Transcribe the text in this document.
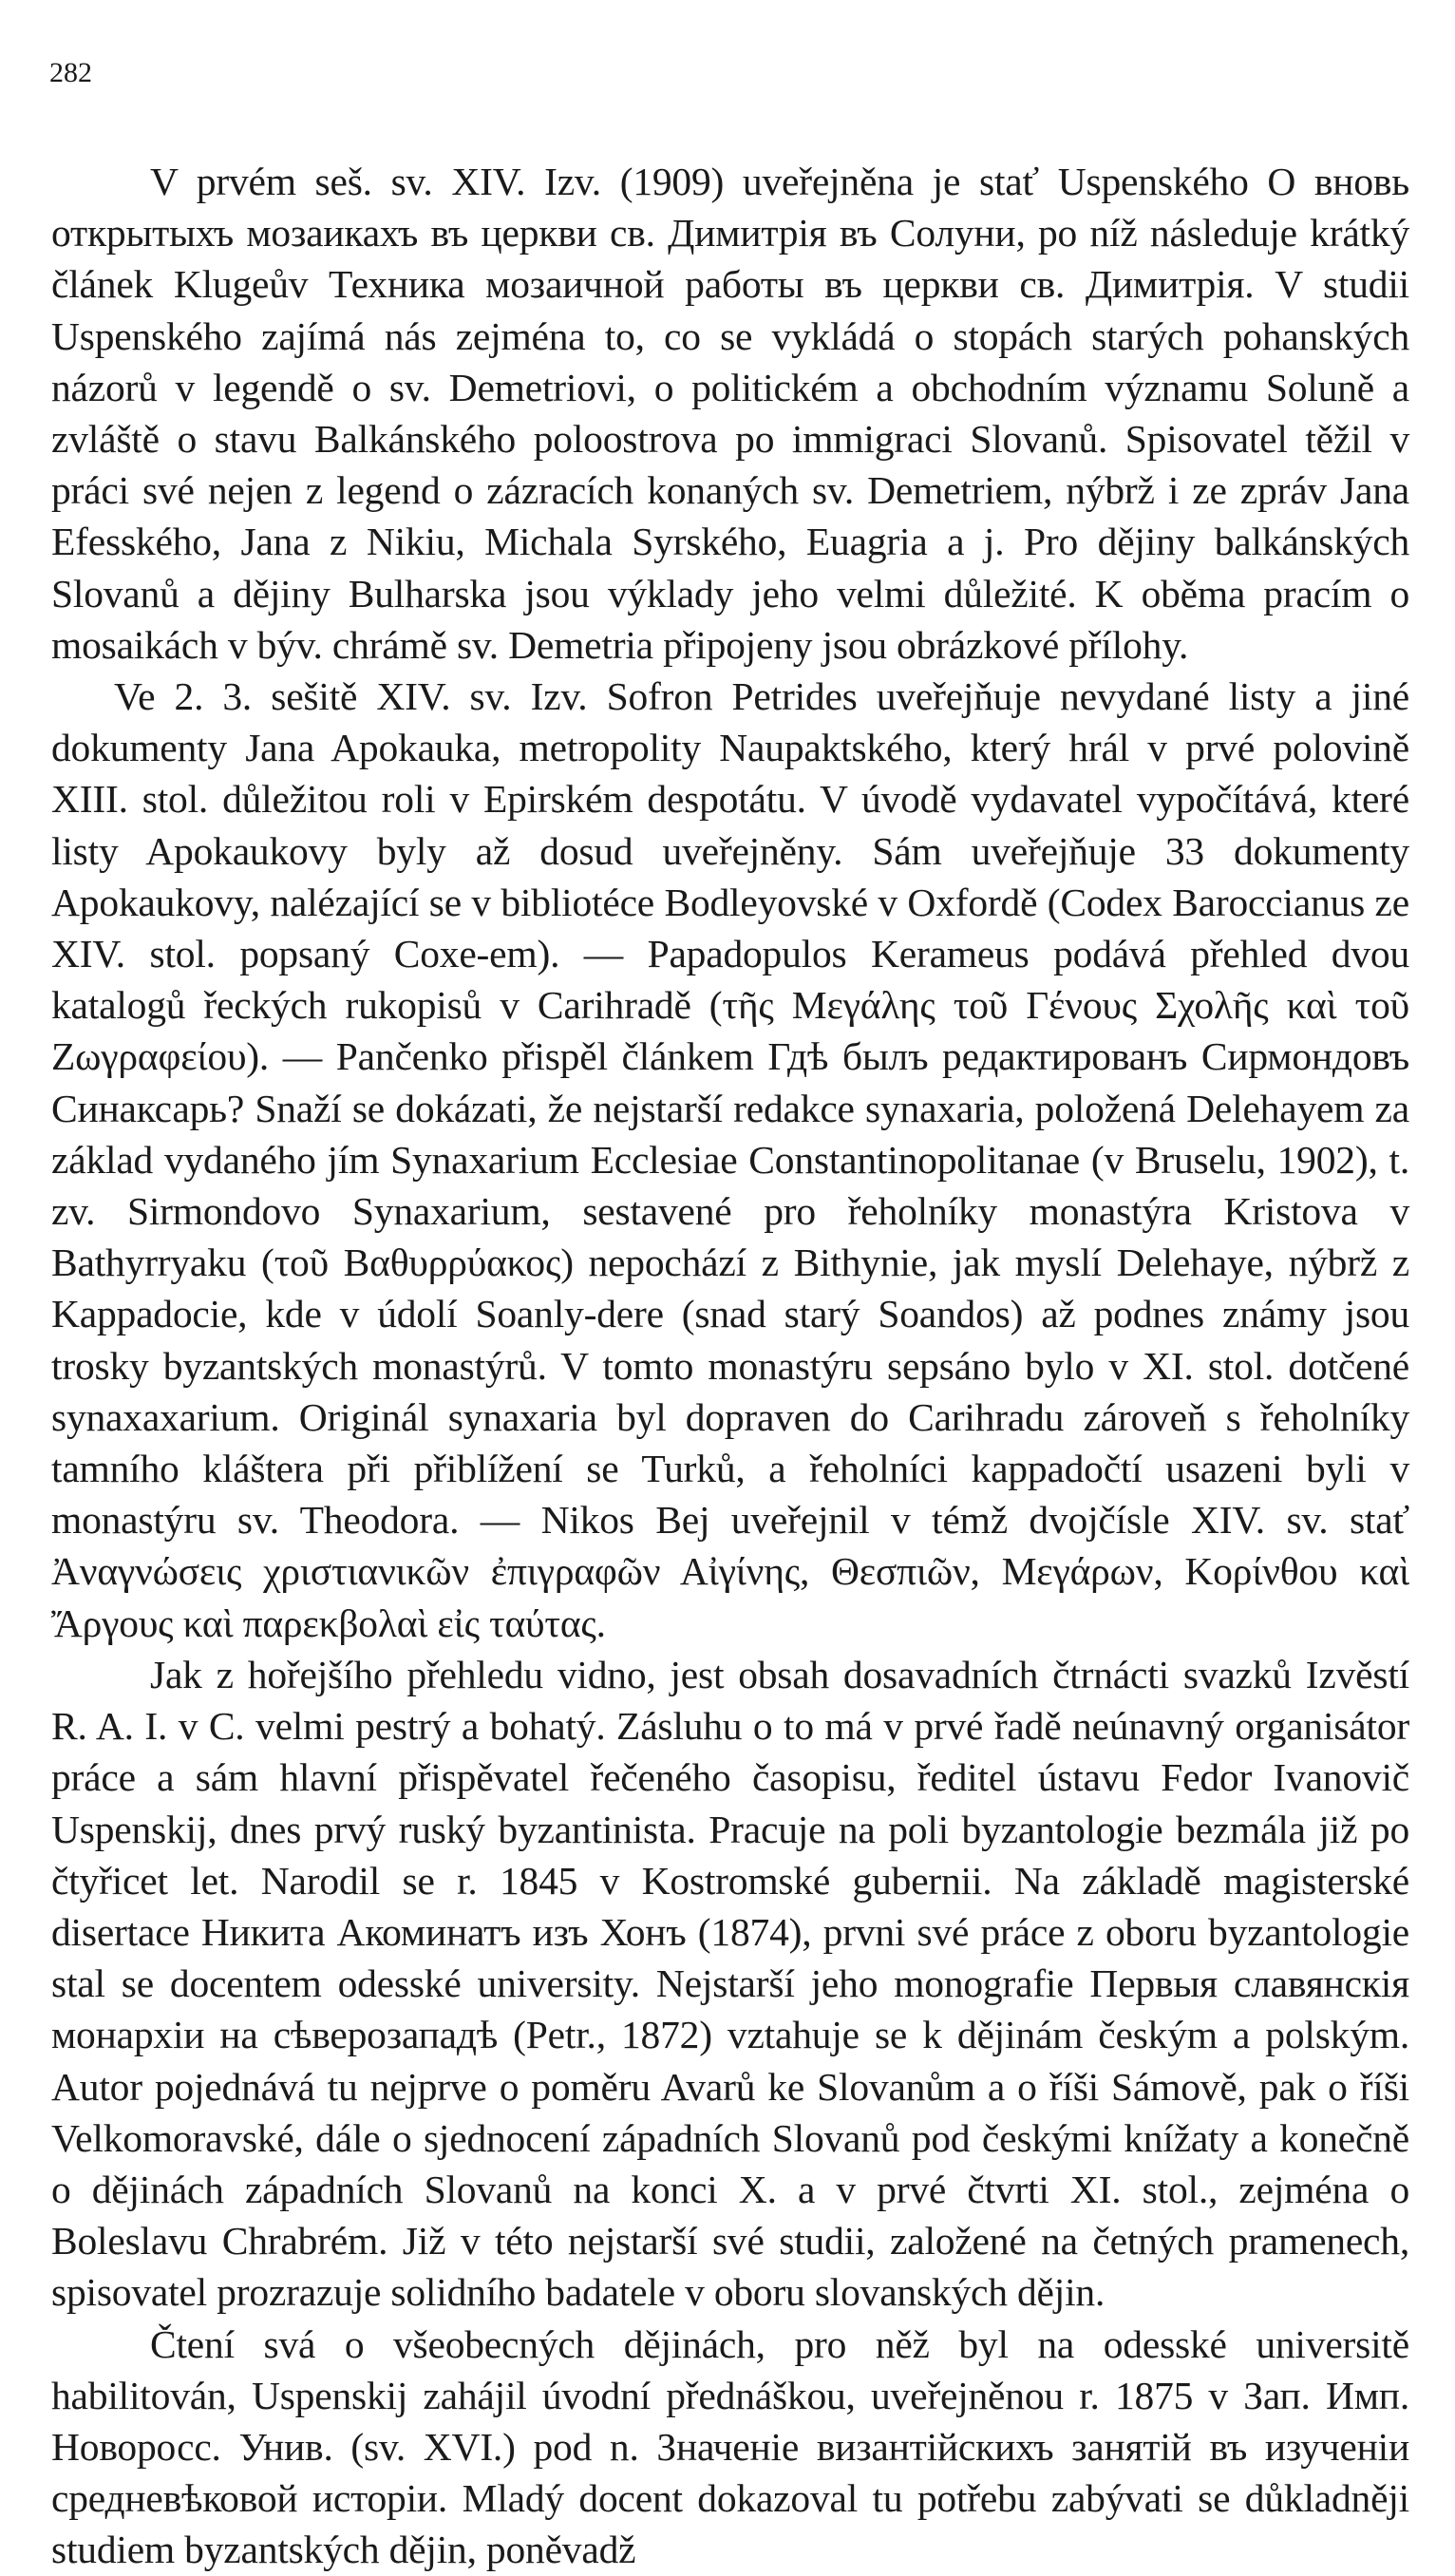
282

V prvém seš. sv. XIV. Izv. (1909) uveřejněna je stať Uspenského О вновь открытыхъ мозаикахъ въ церкви св. Димитрія въ Солуни, po níž následuje krátký článek Klugeův Техника мозаичной работы въ церкви св. Димитрія. V studii Uspenského zajímá nás zejména to, co se vykládá o stopách starých pohanských názorů v legendě o sv. Demetriovi, o politickém a obchodním významu Soluně a zvláště o stavu Balkánského poloostrova po immigraci Slovanů. Spisovatel těžil v práci své nejen z legend o zázracích konaných sv. Demetriem, nýbrž i ze zpráv Jana Efesského, Jana z Nikiu, Michala Syrského, Euagria a j. Pro dějiny balkánských Slovanů a dějiny Bulharska jsou výklady jeho velmi důležité. K oběma pracím o mosaikách v býv. chrámě sv. Demetria připojeny jsou obrázkové přílohy.

Ve 2. 3. sešitě XIV. sv. Izv. Sofron Petrides uveřejňuje nevydané listy a jiné dokumenty Jana Apokauka, metropolity Naupaktského, který hrál v prvé polovině XIII. stol. důležitou roli v Epirském despotátu. V úvodě vydavatel vypočítává, které listy Apokaukovy byly až dosud uveřejněny. Sám uveřejňuje 33 dokumenty Apokaukovy, nalézající se v bibliotéce Bodleyovské v Oxfordě (Codex Baroccianus ze XIV. stol. popsaný Coxe-em). — Papadopulos Kerameus podává přehled dvou katalogů řeckých rukopisů v Carihradě (τῆς Μεγάλης τοῦ Γένους Σχολῆς καὶ τοῦ Ζωγραφείου). — Pančenko přispěl článkem Гдѣ былъ редактированъ Сирмондовъ Синаксарь? Snaží se dokázati, že nejstarší redakce synaxaria, položená Delehayem za základ vydaného jím Synaxarium Ecclesiae Constantinopolitanae (v Bruselu, 1902), t. zv. Sirmondovo Synaxarium, sestavené pro řeholníky monastýra Kristova v Bathyrryaku (τοῦ Βαθυρρύακος) nepochází z Bithynie, jak myslí Delehaye, nýbrž z Kappadocie, kde v údolí Soanly-dere (snad starý Soandos) až podnes známy jsou trosky byzantských monastýrů. V tomto monastýru sepsáno bylo v XI. stol. dotčené synaxaxarium. Originál synaxaria byl dopraven do Carihradu zároveň s řeholníky tamního kláštera při přiblížení se Turků, a řeholníci kappadočtí usazeni byli v monastýru sv. Theodora. — Nikos Bej uveřejnil v témž dvojčísle XIV. sv. stať Ἀναγνώσεις χριστιανικῶν ἐπιγραφῶν Αἰγίνης, Θεσπιῶν, Μεγάρων, Κορίνθου καὶ Ἄργους καὶ παρεκβολαὶ εἰς ταύτας.

Jak z hořejšího přehledu vidno, jest obsah dosavadních čtrnácti svazků Izvěstí R. A. I. v C. velmi pestrý a bohatý. Zásluhu o to má v prvé řadě neúnavný organisátor práce a sám hlavní přispěvatel řečeného časopisu, ředitel ústavu Fedor Ivanovič Uspenskij, dnes prvý ruský byzantinista. Pracuje na poli byzantologie bezmála již po čtyřicet let. Narodil se r. 1845 v Kostromské gubernii. Na základě magisterské disertace Никита Акоминатъ изъ Хонъ (1874), prvni své práce z oboru byzantologie stal se docentem odesské university. Nejstarší jeho monografie Первыя славянскія монархіи на сѣверозападѣ (Petr., 1872) vztahuje se k dějinám českým a polským. Autor pojednává tu nejprve o poměru Avarů ke Slovanům a o říši Sámově, pak o říši Velkomoravské, dále o sjednocení západních Slovanů pod českými knížaty a konečně o dějinách západních Slovanů na konci X. a v prvé čtvrti XI. stol., zejména o Boleslavu Chrabrém. Již v této nejstarší své studii, založené na četných pramenech, spisovatel prozrazuje solidního badatele v oboru slovanských dějin.

Čtení svá o všeobecných dějinách, pro něž byl na odesské universitě habilitován, Uspenskij zahájil úvodní přednáškou, uveřejněnou r. 1875 v Зап. Имп. Новоросс. Унив. (sv. XVI.) pod n. Значеніе византійскихъ занятій въ изученіи средневѣковой исторіи. Mladý docent dokazoval tu potřebu zabývati se důkladněji studiem byzantských dějin, poněvadž
